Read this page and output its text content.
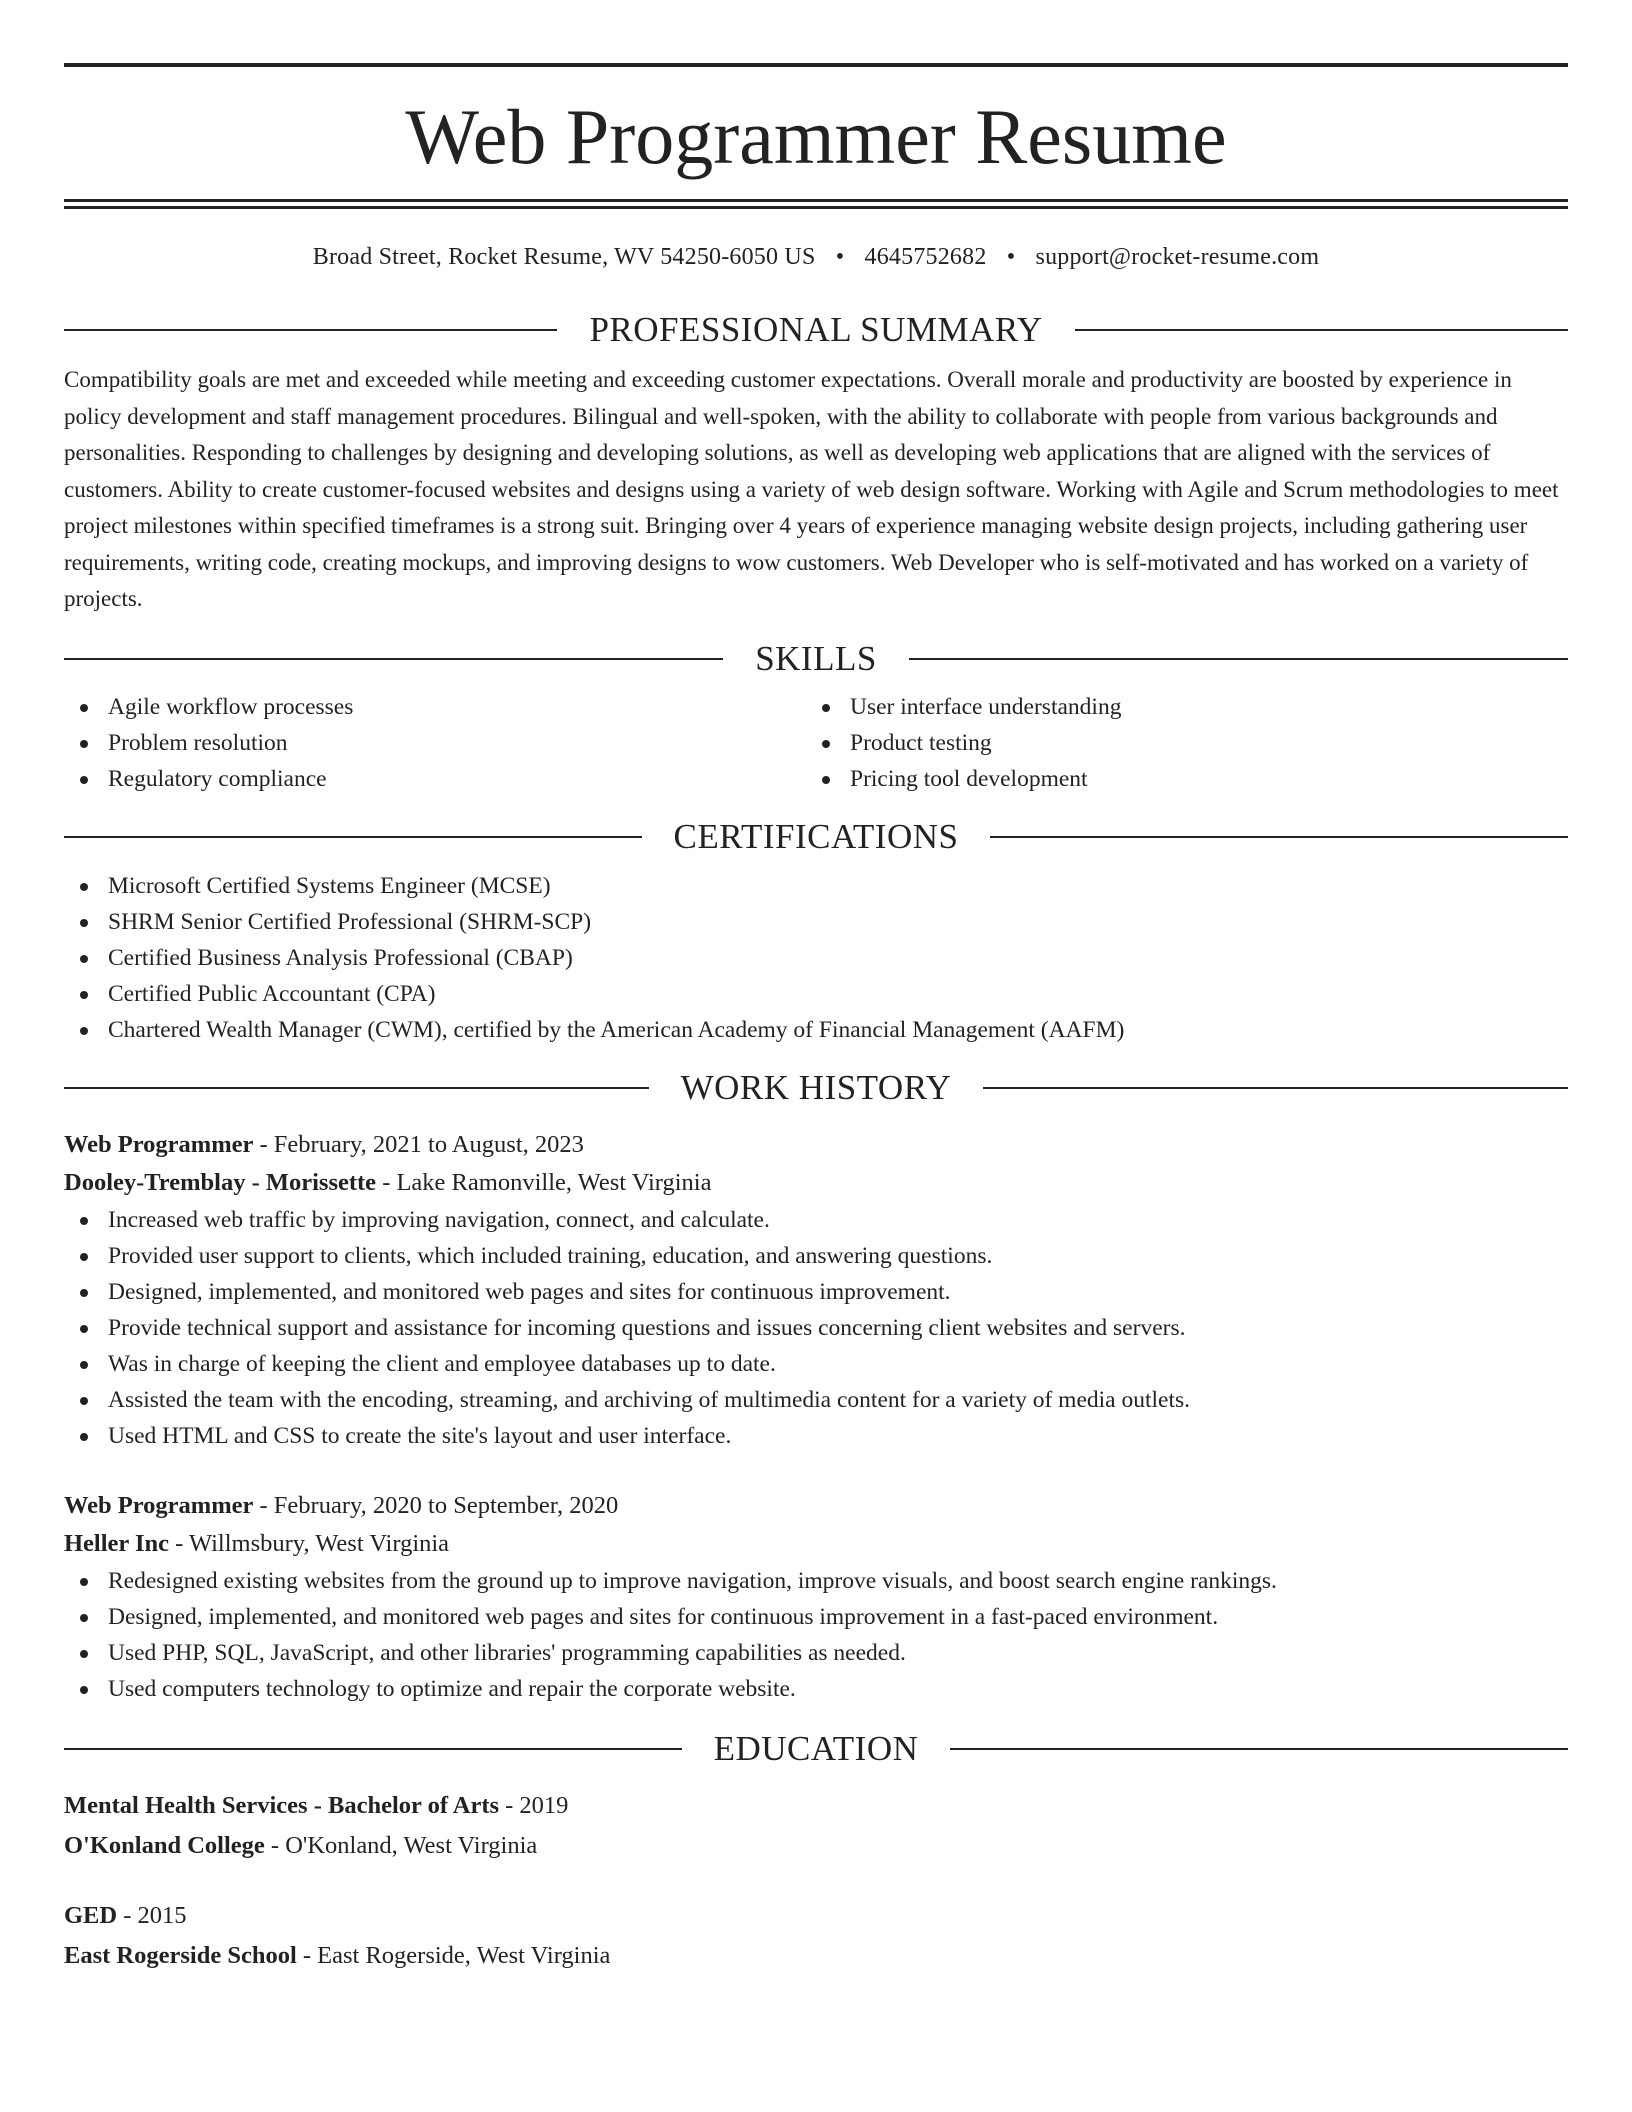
Web Programmer Resume
Broad Street, Rocket Resume, WV 54250-6050 US • 4645752682 • support@rocket-resume.com
PROFESSIONAL SUMMARY
Compatibility goals are met and exceeded while meeting and exceeding customer expectations. Overall morale and productivity are boosted by experience in policy development and staff management procedures. Bilingual and well-spoken, with the ability to collaborate with people from various backgrounds and personalities. Responding to challenges by designing and developing solutions, as well as developing web applications that are aligned with the services of customers. Ability to create customer-focused websites and designs using a variety of web design software. Working with Agile and Scrum methodologies to meet project milestones within specified timeframes is a strong suit. Bringing over 4 years of experience managing website design projects, including gathering user requirements, writing code, creating mockups, and improving designs to wow customers. Web Developer who is self-motivated and has worked on a variety of projects.
SKILLS
Agile workflow processes
Problem resolution
Regulatory compliance
User interface understanding
Product testing
Pricing tool development
CERTIFICATIONS
Microsoft Certified Systems Engineer (MCSE)
SHRM Senior Certified Professional (SHRM-SCP)
Certified Business Analysis Professional (CBAP)
Certified Public Accountant (CPA)
Chartered Wealth Manager (CWM), certified by the American Academy of Financial Management (AAFM)
WORK HISTORY
Web Programmer - February, 2021 to August, 2023
Dooley-Tremblay - Morissette - Lake Ramonville, West Virginia
Increased web traffic by improving navigation, connect, and calculate.
Provided user support to clients, which included training, education, and answering questions.
Designed, implemented, and monitored web pages and sites for continuous improvement.
Provide technical support and assistance for incoming questions and issues concerning client websites and servers.
Was in charge of keeping the client and employee databases up to date.
Assisted the team with the encoding, streaming, and archiving of multimedia content for a variety of media outlets.
Used HTML and CSS to create the site's layout and user interface.
Web Programmer - February, 2020 to September, 2020
Heller Inc - Willmsbury, West Virginia
Redesigned existing websites from the ground up to improve navigation, improve visuals, and boost search engine rankings.
Designed, implemented, and monitored web pages and sites for continuous improvement in a fast-paced environment.
Used PHP, SQL, JavaScript, and other libraries' programming capabilities as needed.
Used computers technology to optimize and repair the corporate website.
EDUCATION
Mental Health Services - Bachelor of Arts - 2019
O'Konland College - O'Konland, West Virginia
GED - 2015
East Rogerside School - East Rogerside, West Virginia
